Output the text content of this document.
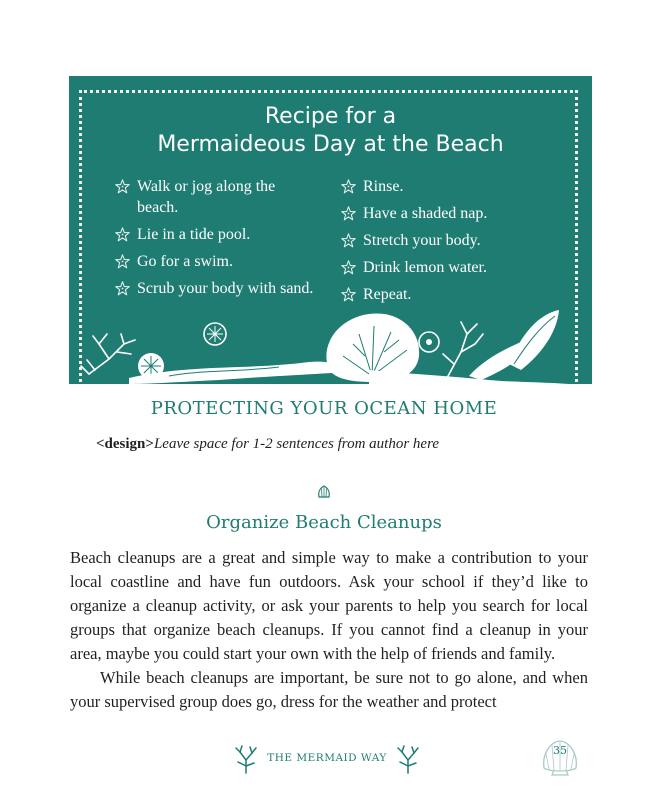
Recipe for a
Mermaideous Day at the Beach
Walk or jog along the beach.
Lie in a tide pool.
Go for a swim.
Scrub your body with sand.
Rinse.
Have a shaded nap.
Stretch your body.
Drink lemon water.
Repeat.
PROTECTING YOUR OCEAN HOME
<design>Leave space for 1-2 sentences from author here
Organize Beach Cleanups

Beach cleanups are a great and simple way to make a contribution to your local coastline and have fun outdoors. Ask your school if they’d like to organize a cleanup activity, or ask your parents to help you search for local groups that organize beach cleanups. If you cannot find a cleanup in your area, maybe you could start your own with the help of friends and family.

While beach cleanups are important, be sure not to go alone, and when your supervised group does go, dress for the weather and protect

THE MERMAID WAY
35
